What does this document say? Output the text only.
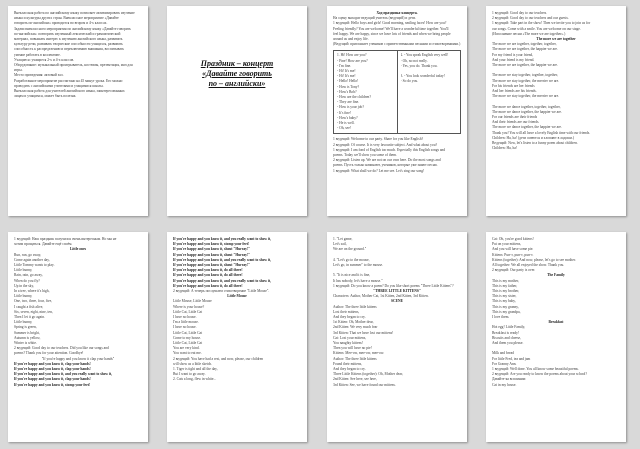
Внеклассная работа по английскому языку позволяет активизировать изучение
языка и культуры других стран. Внеклассное мероприятие «Давайте
говорить по-английски» проводится во втором и 4-х классах.
Задачи внеклассного мероприятия по английскому языку «Давайте говорить
по-английски»: повторить изученный лексический и грамматический
материал, повышать интерес к изучению английского языка, развивать
культуру речи, развивать творческие способности учащихся, развивать
способность к распределению и переключению внимания, воспитывать
умение работать в коллективе.
Учащиеся: учащиеся 2-х и 4-х классов.
Оборудование: музыкальный проигрыватель, костюмы, презентация, мяч для
игры.
Место проведения: актовый зал.
Разработанное мероприятие рассчитано на 45 минут урока. Его можно
проводить с английскими учителями и учащимися школы.
Внеклассная работа для учителей английского языка, заинтересованных
лицам и учащимся, может быть полезна.
Праздник – концерт
«Давайте говорить
по – английски»
Ход праздника-концерта.
На сцену выходят ведущий учитель (ведущий) и дети.
1 ведущий: Hello boys and girls! Good morning, smiling faces! How are you?
Feeling friendly? You are welcome! We'll have a wonderful time together. You'll
feel happy. We are happy, since we have lots of friends and when we bring people
around us and enjoy life.
(Ведущий: приглашает учеников с приветственными песнями и стихотворениями.)
1. Hi! How are you?
- Fine! How are you?
- I'm fine.
- Hi! It's me!
- Hi! It's me!
- Hello! Hello!
- How is Tony?
- How's Bob?
- How are the children?
- They are fine.
- How is your job?
- It's fine!
- How's baby?
- He is well.
- Oh, see!
2. - You speak English very well!
- Oh, no not really.
- Yes, you do. Thank you.

3. - You look wonderful today!
- So do you.
1 ведущий: Welcome to our party. Share for you like English?
2 ведущий: Of course. It is very favourite subject. And what about you?
1 ведущий: I am fond of English too much. Especially this English songs and
poems. Today we'll show you some of them.
2 ведущий: Listen up. We are not on our own here. Do the most songs and
poems. Пусть только начинают, учеников, которые уже знают песни.
1 ведущий: What shall we do? Let me see. Let's sing our song!
1 ведущий: Good day to our teachers.
2 ведущий: Good day to our teachers and our guests.
1 ведущий: Take part in the show! Then we invite you to join us for
our songs. Come with a smile. You are welcome on our stage.
(Исполнение песни «The more we are together».)
The more we are together
The more we are together, together, together,
The more we are together, the happier we are.
For my friend is your friend,
And your friend is my friend.
The more we are together, the happier we are.

The more we stay together, together, together,
The more we stay together, the merrier we are.
For his friends are her friends
And her friends are his friends.
The more we stay together, the merrier we are.

The more we dance together, together, together,
The more we dance together, the happier we are.
For our friends are their friends
And their friends are our friends.
The more we dance together, the happier we are.
Thank you! You will all have a lovely English time with our friends.
Children: Ha, ha! (дети смеются и хлопают в ладоши.)
Ведущий: Now, let's listen to a funny poem about children.
Children: Ha, ha!
1 ведущий: Наш праздник получился очень интересным. Но мы не
хотим прощаться. Давайте ещё споём.
Little ones
Run, run, go away,
Come again another day,
Little Tommy wants to play.
Little bunny,
Rain, rain, go away,
When do you fly?
Up in the sky,
In a tree, where it's high,
Little bunny,
One, two, three, four, five,
I caught a fish alive,
Six, seven, eight, nine, ten,
Then I let it go again.
Little bunny,
Spring is green,
Summer is bright,
Autumn is yellow,
Winter is white.
2 ведущий: Good day to our teachers. Did you like our songs and
poems? Thank you for your attention. Goodbye!
"If you're happy and you know it clap your hands"
If you're happy and you know it, clap your hands!
If you're happy and you know it, clap your hands!
If you're happy and you know it, and you really want to show it,
If you're happy and you know it, clap your hands!
If you're happy and you know it, stomp your feet!
If you're happy and you know it, and you really want to show it,
If you're happy and you know it, stomp your feet!
If you're happy and you know it, shout "Hurray!"
If you're happy and you know it, shout "Hurray!"
If you're happy and you know it, and you really want to show it,
If you're happy and you know it, shout "Hurray!"
If you're happy and you know it, do all three!
If you're happy and you know it, do all three!
If you're happy and you know it, and you really want to show it,
If you're happy and you know it, do all three!
2 ведущий: А теперь послушаем стихотворение "Little Mouse".
Little Mouse
Little Mouse, Little Mouse
Where is your house?
Little Cat, Little Cat
I have no house.
I'm a little mouse.
I have no house.
Little Cat, Little Cat
Come to my house.
Little Cat, Little Cat
You are very kind.
You want to eat me.
2 ведущий: You have had a rest, and now, please, our children
will show us a little sketch.
1. Tiger is tight and all the day,
But I want to go away.
2. Cats a long, flew in white...
1. "Let game,
Let's sail,
We are on the ground."

4. "Let's go to the mouse,
Let's go, in summer" to the mouse.

5. "It is nice and it is fine,
It has nobody, let's have a mouse."
1 ведущий: Do you know a poem? Do you like short poems "Three Little Kittens"?
"THREE LITTLE KITTENS"
Characters: Author, Mother Cat, 1st Kitten, 2nd Kitten, 3rd Kitten.
SCENE
Author: The three little kittens
Lost their mittens,
And they began to cry.
1st Kitten: Oh, Mother dear,
2nd Kitten: We very much fear
3rd Kitten: That we have lost our mittens!
Cat: Lost your mittens,
You naughty kittens!
Then you will have no pie!
Kittens: Mee-ow, mee-ow, mee-ow.
Author: The three little kittens
Found their mittens,
And they began to cry.
Three Little Kittens (together): Oh, Mother dear,
2nd Kitten: See here, see here,
3rd Kitten: See, we have found our mittens.
Cat: Oh, you're good kittens!
Put on your mittens,
And you will have some pie.
Kittens: Purr-r, purr-r, purr-r.
Kittens (together): And now, please, let's go to see mother.
All together: We all enjoyed the show. Thank you.
2 ведущий: Our party is over.
The Family
This is my mother,
This is my father,
This is my brother,
This is my sister,
This is my baby,
This is my granny,
This is my grandpa,
I love them.
Breakfast
Hot egg! Little Family,
Breakfast is ready!
Biscuits and cheese,
And them you please.

Milk and bread
For little Fred, tea and jam
For Granny Ann.
1 ведущий: Well done. You all know some beautiful poems.
2 ведущий: Are you ready to know the poems about your school?
Давайте-ка вспомним:
Cat in my house.
